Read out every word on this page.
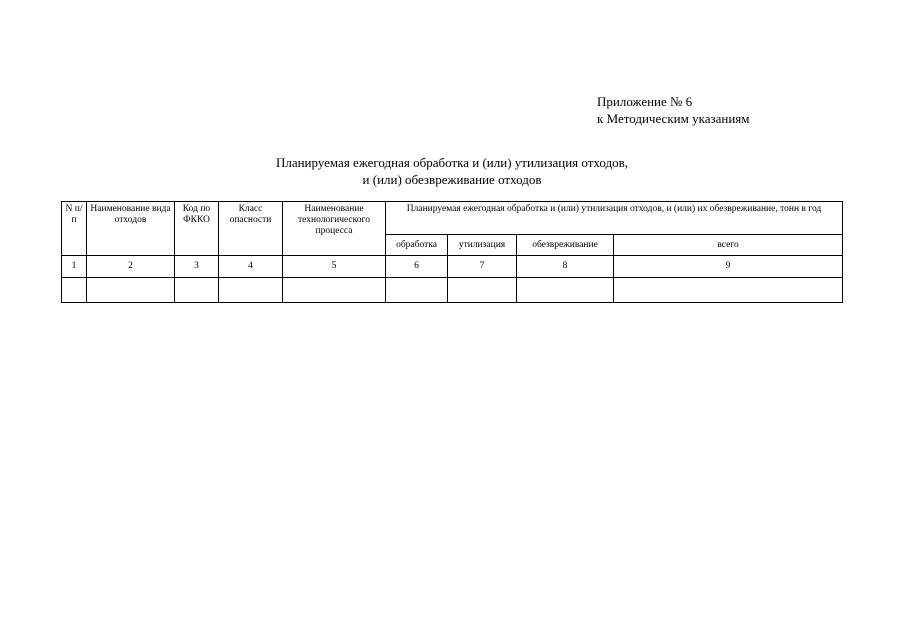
Приложение № 6
к Методическим указаниям
Планируемая ежегодная обработка и (или) утилизация отходов,
и (или) обезвреживание отходов
N п/п	Наименование вида отходов	Код по ФККО	Класс опасности	Наименование технологического процесса	Планируемая ежегодная обработка и (или) утилизация отходов, и (или) их обезвреживание, тонн в год			

					обработка	утилизация	обезвреживание	всего
1	2	3	4	5	6	7	8	9
